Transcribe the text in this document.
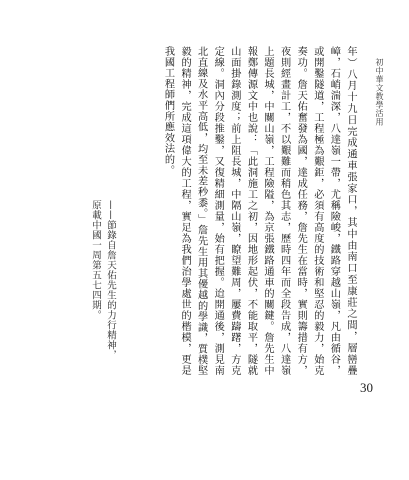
初中華文教學活用

年）八月十九日完成通車張家口，其中由南口至康莊之間，層巒疊嶂，石峭湍深，八達嶺一帶，尤稱險峻，鐵路穿越山嶺，凡由循谷，或開鑿隧道，工程極為艱鉅，必須有高度的技術和堅忍的毅力，始克奏功。詹天佑奮發為國，達成任務，詹先生在當時，實則籌措有方，夜則經畫計工，不以艱難而稍色其志，歷時四年而全段告成，八達嶺上題長城，中關山嶺，工程險隘，為京張鐵路通車的關鍵。詹先生中報鄭傳源文中也說：「此洞施工之初，因地形起伏，不能取平，隧就山面掛錄測度；前上阻長城，中隔山嶺，瞭望難周，屢費躊躇，方克定線。洞內分段推鑿，又復精細測量，始有把握。迨開通後，測見南北直線及水平高低，均至未差秒黍。」詹先生用其優越的學識，質樸堅毅的精神，完成這項偉大的工程，實足為我們治學處世的楷模，更是我國工程師們所應效法的。

——節錄自詹天佑先生的力行精神，
原載中國一周第五七四期。
30
